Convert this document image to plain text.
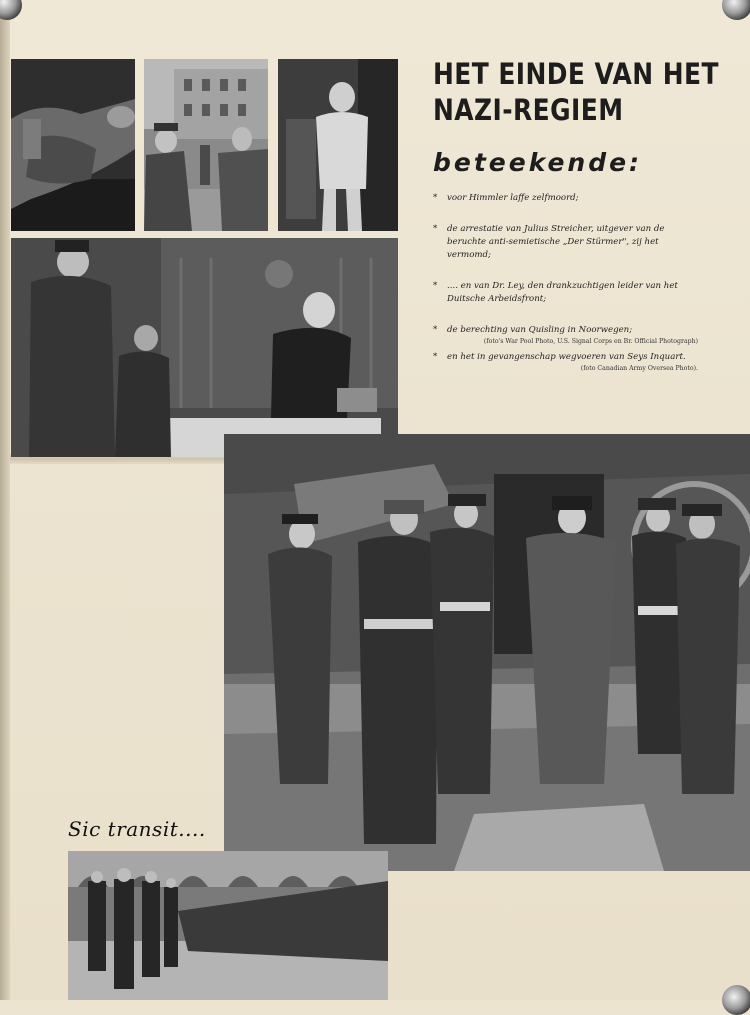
HET EINDE VAN HET
NAZI-REGIEM
beteekende:
* voor Himmler laffe zelfmoord;
* de arrestatie van Julius Streicher, uitgever van de beruchte anti-semietische „Der Stürmer", zij het vermomd;
* .... en van Dr. Ley, den drankzuchtigen leider van het Duitsche Arbeidsfront;
* de berechting van Quisling in Noorwegen;
(foto's War Pool Photo, U.S. Signal Corps en Br. Official Photograph)
* en het in gevangenschap wegvoeren van Seys Inquart.
(foto Canadian Army Oversea Photo).
Sic transit....
